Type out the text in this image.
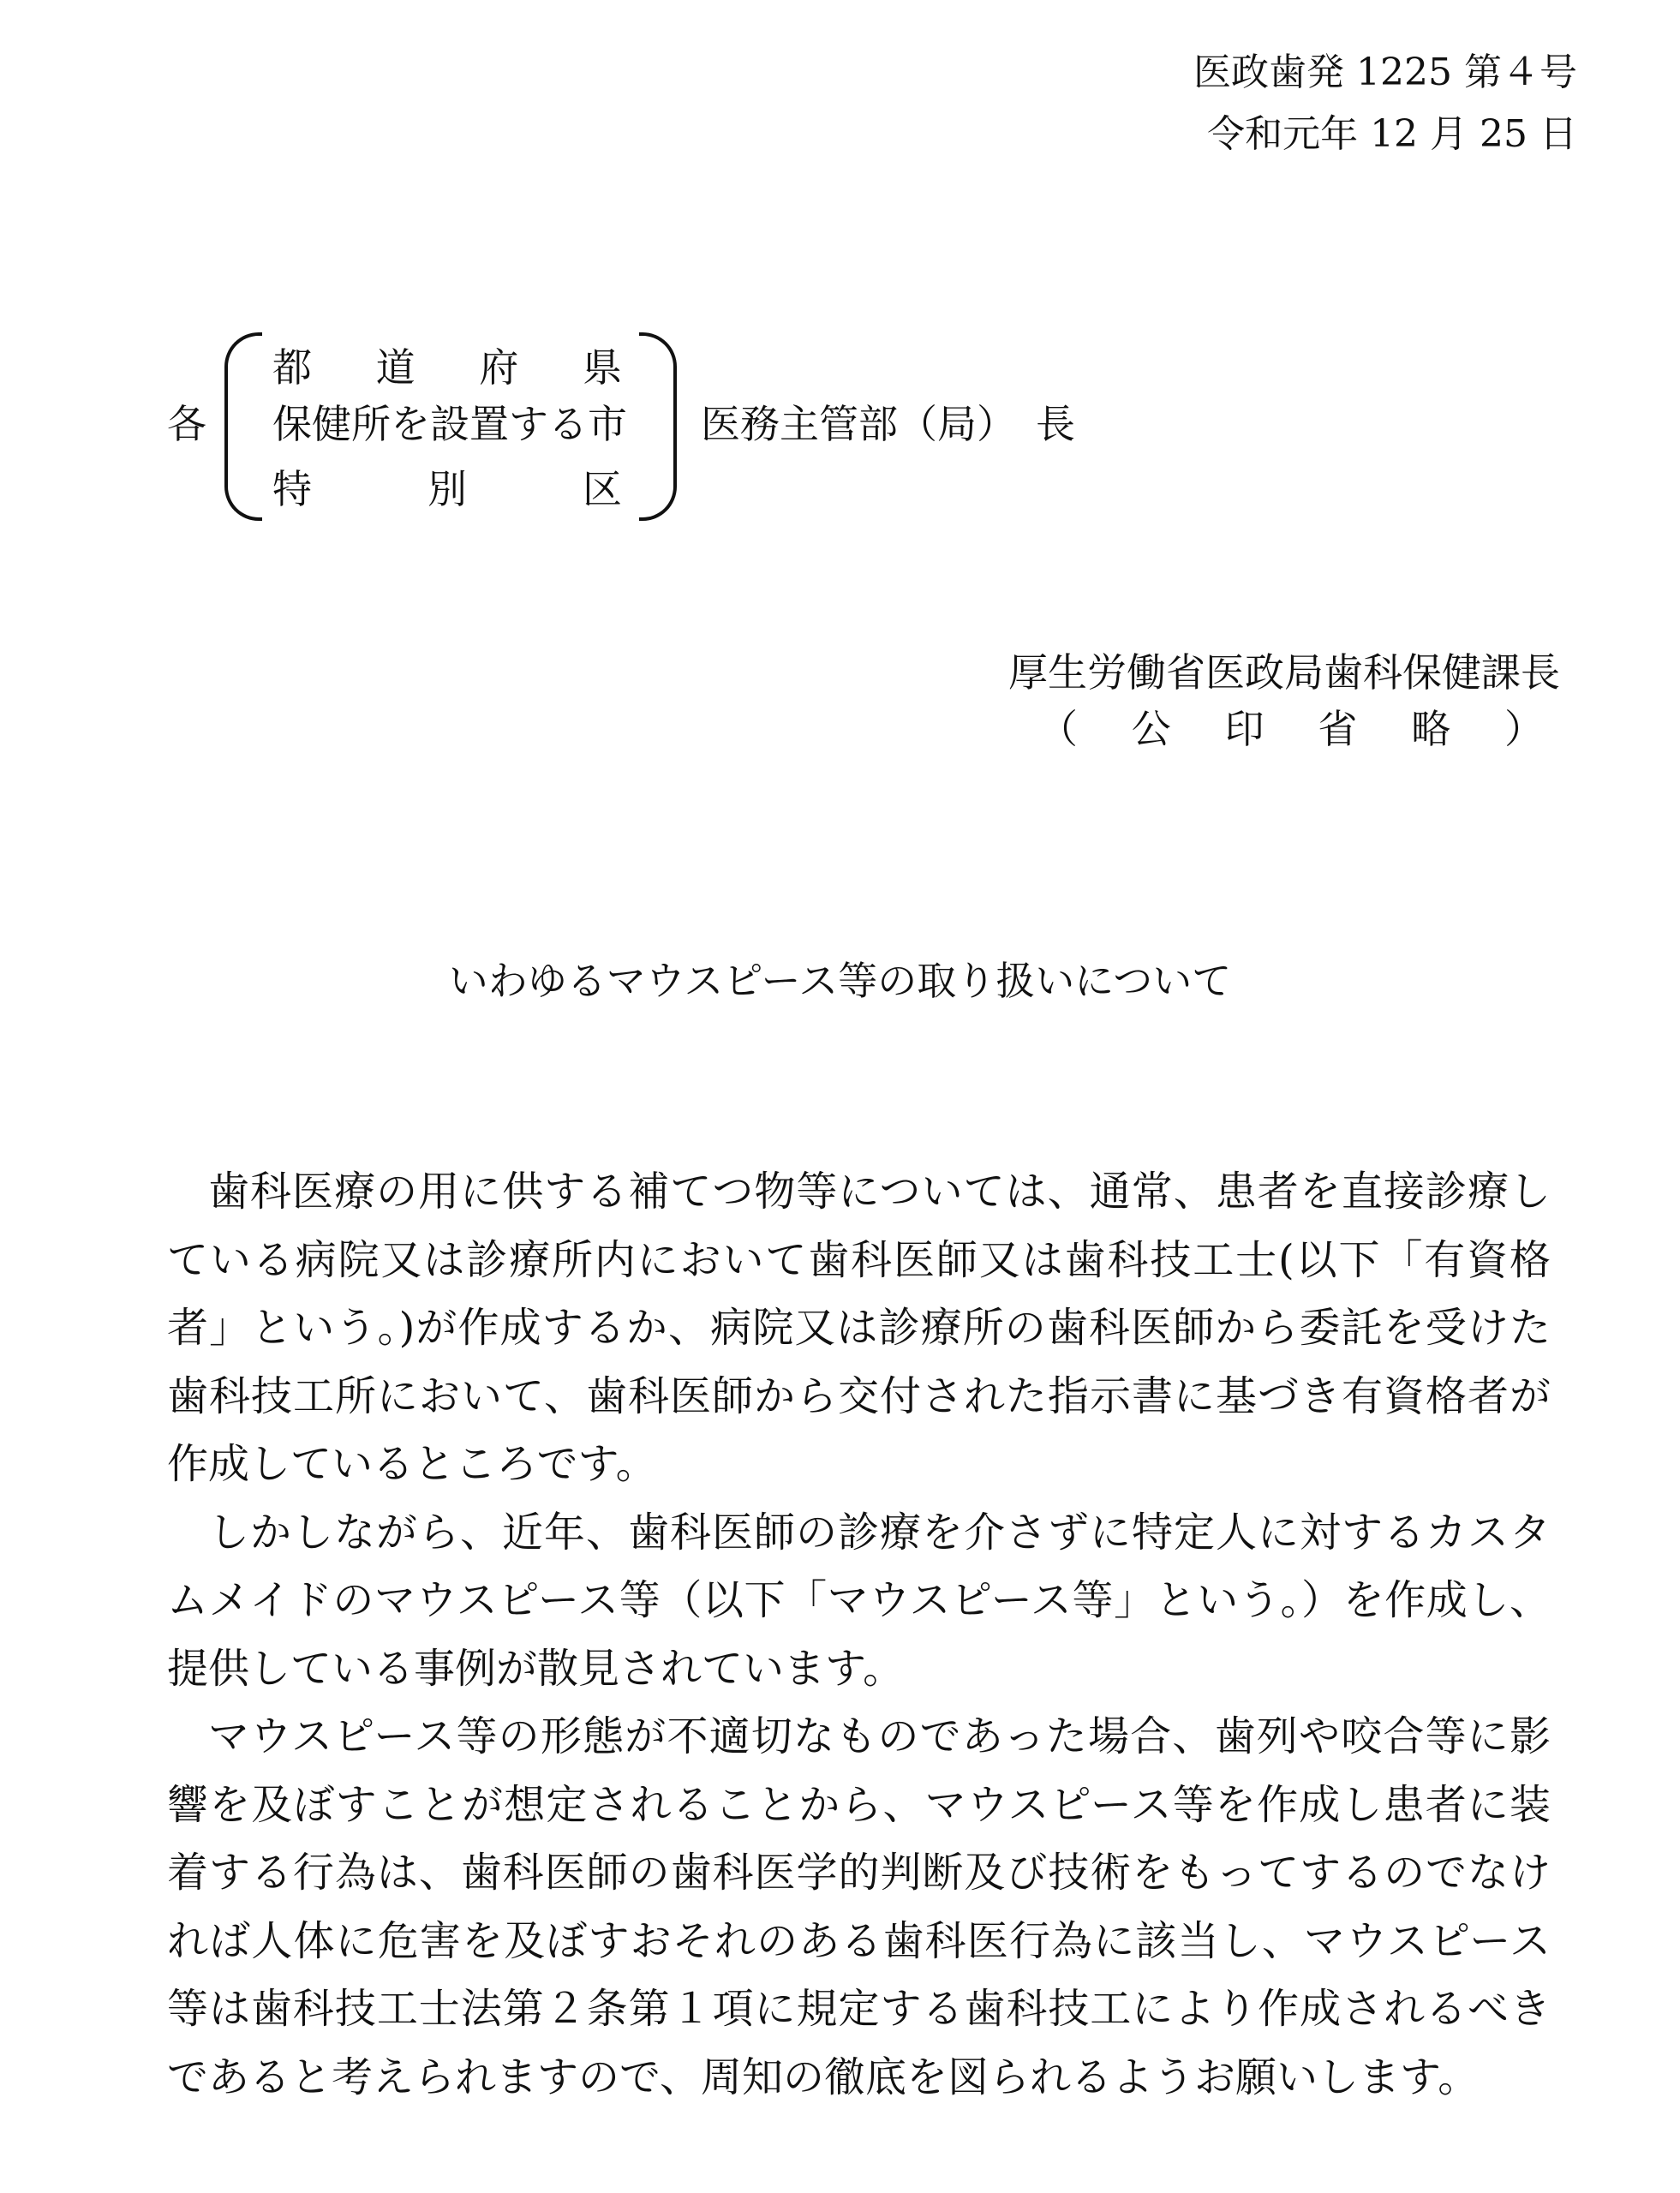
医政歯発 1225 第４号
令和元年 12 月 25 日
各
都 道 府 県
保 健 所 を 設 置 す る 市
特	別	区
医務主管部（局）　長
厚生労働省医政局歯科保健課長
（ 公 印 省 略 ）
いわゆるマウスピース等の取り扱いについて

歯科医療の用に供する補てつ物等については、通常、患者を直接診療している病院又は診療所内において歯科医師又は歯科技工士(以下「有資格者」という。)が作成するか、病院又は診療所の歯科医師から委託を受けた歯科技工所において、歯科医師から交付された指示書に基づき有資格者が作成しているところです。

しかしながら、近年、歯科医師の診療を介さずに特定人に対するカスタムメイドのマウスピース等（以下「マウスピース等」という。）を作成し、提供している事例が散見されています。

マウスピース等の形態が不適切なものであった場合、歯列や咬合等に影響を及ぼすことが想定されることから、マウスピース等を作成し患者に装着する行為は、歯科医師の歯科医学的判断及び技術をもってするのでなければ人体に危害を及ぼすおそれのある歯科医行為に該当し、マウスピース等は歯科技工士法第２条第１項に規定する歯科技工により作成されるべきであると考えられますので、周知の徹底を図られるようお願いします。
